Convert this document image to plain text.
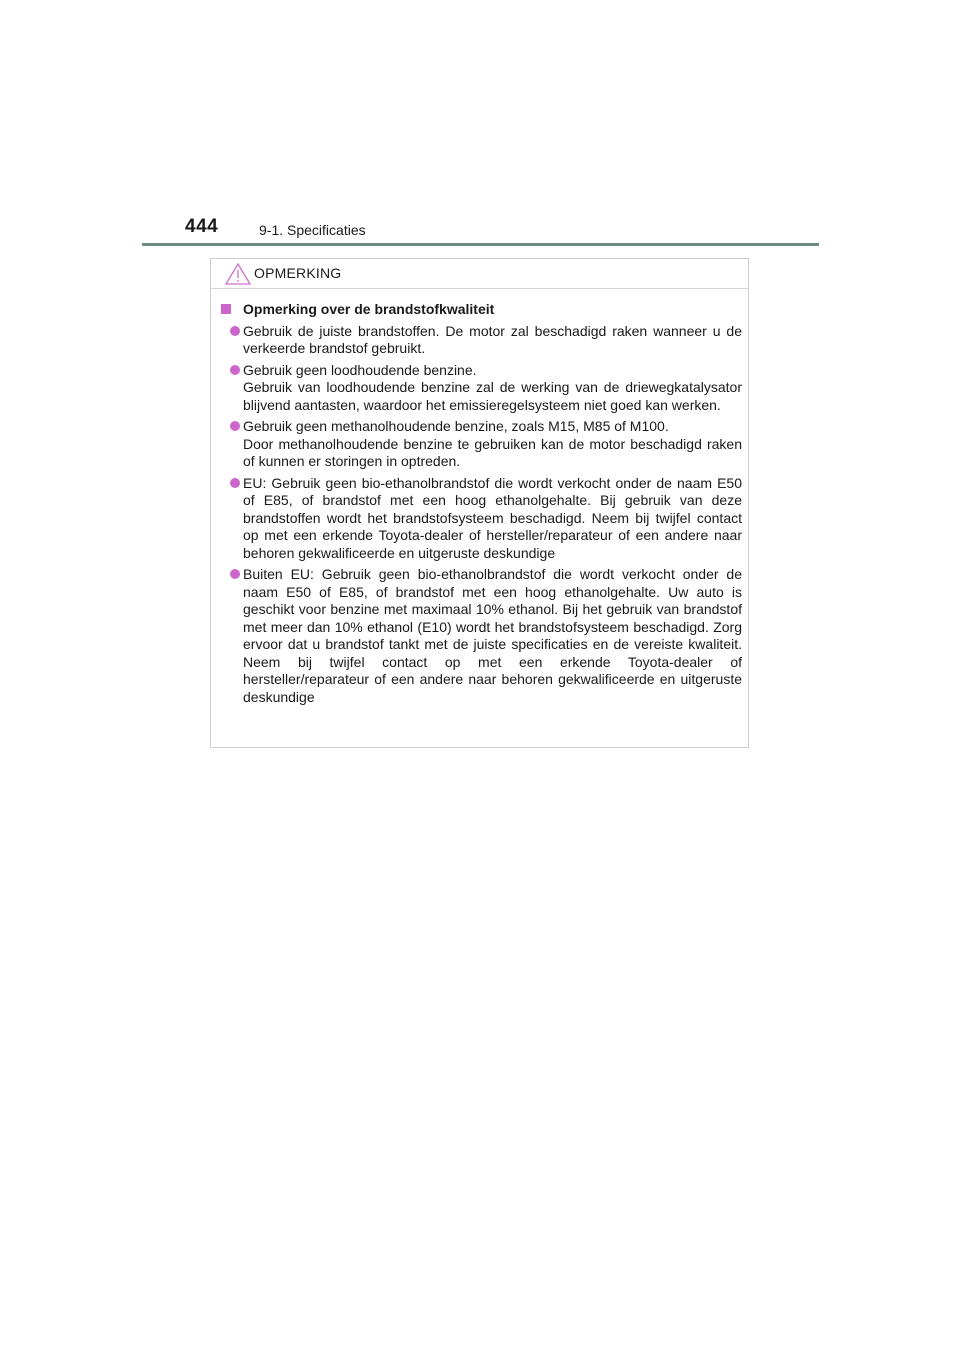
444	9-1. Specificaties
OPMERKING
Opmerking over de brandstofkwaliteit

Gebruik de juiste brandstoffen. De motor zal beschadigd raken wanneer u de verkeerde brandstof gebruikt.

Gebruik geen loodhoudende benzine.

Gebruik van loodhoudende benzine zal de werking van de driewegkatalysator blijvend aantasten, waardoor het emissieregelsysteem niet goed kan werken.

Gebruik geen methanolhoudende benzine, zoals M15, M85 of M100.

Door methanolhoudende benzine te gebruiken kan de motor beschadigd raken of kunnen er storingen in optreden.

EU: Gebruik geen bio-ethanolbrandstof die wordt verkocht onder de naam E50 of E85, of brandstof met een hoog ethanolgehalte. Bij gebruik van deze brandstoffen wordt het brandstofsysteem beschadigd. Neem bij twijfel contact op met een erkende Toyota-dealer of hersteller/reparateur of een andere naar behoren gekwalificeerde en uitgeruste deskundige

Buiten EU: Gebruik geen bio-ethanolbrandstof die wordt verkocht onder de naam E50 of E85, of brandstof met een hoog ethanolgehalte. Uw auto is geschikt voor benzine met maximaal 10% ethanol. Bij het gebruik van brandstof met meer dan 10% ethanol (E10) wordt het brandstofsysteem beschadigd. Zorg ervoor dat u brandstof tankt met de juiste specificaties en de vereiste kwaliteit. Neem bij twijfel contact op met een erkende Toyota-dealer of hersteller/reparateur of een andere naar behoren gekwalificeerde en uitgeruste deskundige
